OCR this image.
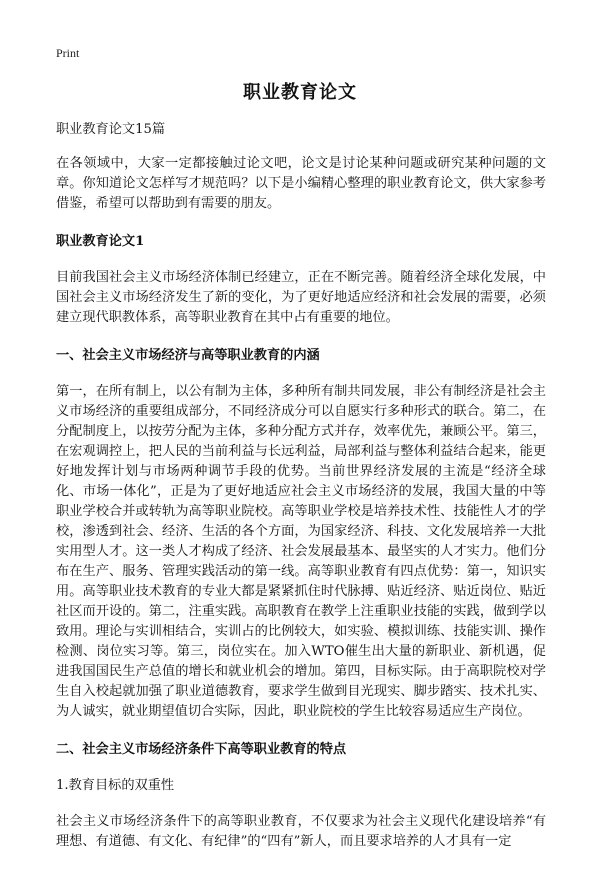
Print
职业教育论文

职业教育论文15篇

在各领域中，大家一定都接触过论文吧，论文是讨论某种问题或研究某种问题的文章。你知道论文怎样写才规范吗？以下是小编精心整理的职业教育论文，供大家参考借鉴，希望可以帮助到有需要的朋友。

职业教育论文1

目前我国社会主义市场经济体制已经建立，正在不断完善。随着经济全球化发展，中国社会主义市场经济发生了新的变化，为了更好地适应经济和社会发展的需要，必须建立现代职教体系，高等职业教育在其中占有重要的地位。

一、社会主义市场经济与高等职业教育的内涵

第一，在所有制上，以公有制为主体，多种所有制共同发展，非公有制经济是社会主义市场经济的重要组成部分，不同经济成分可以自愿实行多种形式的联合。第二，在分配制度上，以按劳分配为主体，多种分配方式并存，效率优先，兼顾公平。第三，在宏观调控上，把人民的当前利益与长远利益，局部利益与整体利益结合起来，能更好地发挥计划与市场两种调节手段的优势。当前世界经济发展的主流是“经济全球化、市场一体化”，正是为了更好地适应社会主义市场经济的发展，我国大量的中等职业学校合并或转轨为高等职业院校。高等职业学校是培养技术性、技能性人才的学校，渗透到社会、经济、生活的各个方面，为国家经济、科技、文化发展培养一大批实用型人才。这一类人才构成了经济、社会发展最基本、最坚实的人才实力。他们分布在生产、服务、管理实践活动的第一线。高等职业教育有四点优势：第一，知识实用。高等职业技术教育的专业大都是紧紧抓住时代脉搏、贴近经济、贴近岗位、贴近社区而开设的。第二，注重实践。高职教育在教学上注重职业技能的实践，做到学以致用。理论与实训相结合，实训占的比例较大，如实验、模拟训练、技能实训、操作检测、岗位实习等。第三，岗位实在。加入WTO催生出大量的新职业、新机遇，促进我国国民生产总值的增长和就业机会的增加。第四，目标实际。由于高职院校对学生自入校起就加强了职业道德教育，要求学生做到目光现实、脚步踏实、技术扎实、为人诚实，就业期望值切合实际，因此，职业院校的学生比较容易适应生产岗位。

二、社会主义市场经济条件下高等职业教育的特点

1.教育目标的双重性

社会主义市场经济条件下的高等职业教育，不仅要求为社会主义现代化建设培养“有理想、有道德、有文化、有纪律”的“四有”新人，而且要求培养的人才具有一定
